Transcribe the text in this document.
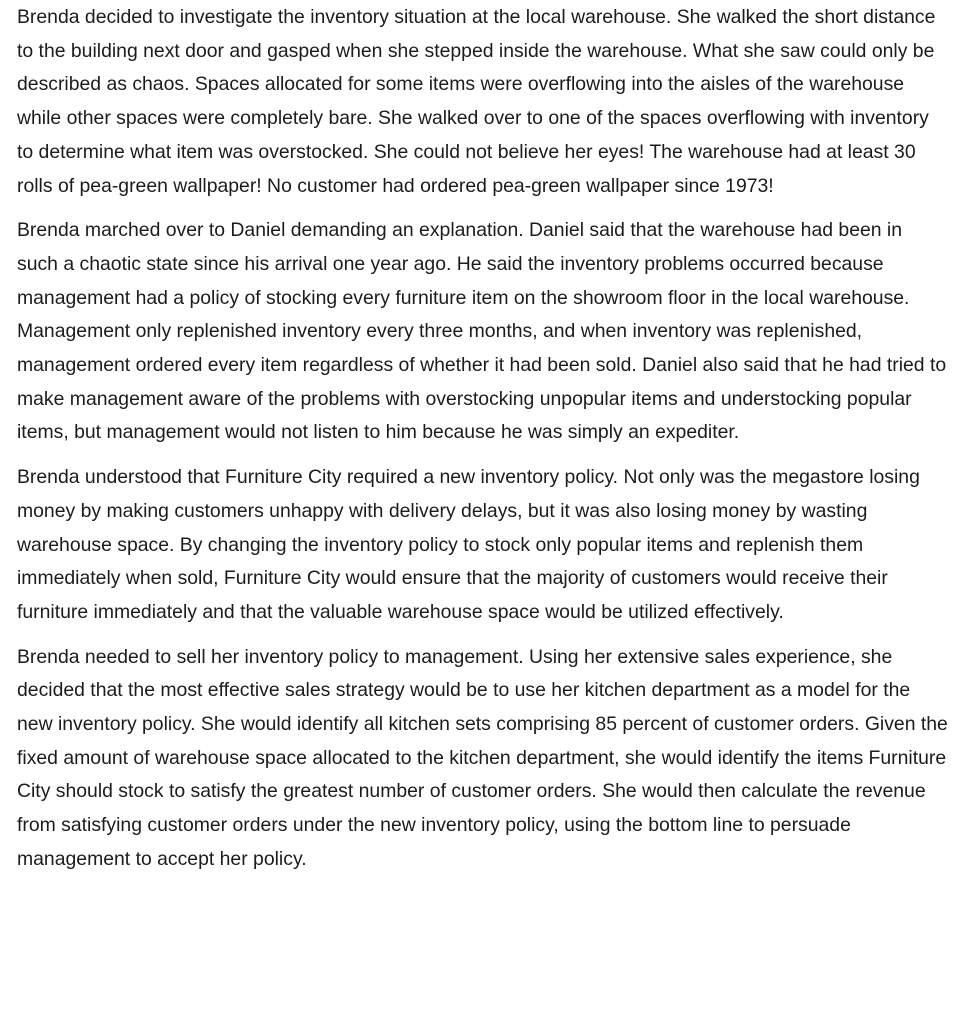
Brenda decided to investigate the inventory situation at the local warehouse. She walked the short distance to the building next door and gasped when she stepped inside the warehouse. What she saw could only be described as chaos. Spaces allocated for some items were overflowing into the aisles of the warehouse while other spaces were completely bare. She walked over to one of the spaces overflowing with inventory to determine what item was overstocked. She could not believe her eyes! The warehouse had at least 30 rolls of pea-green wallpaper! No customer had ordered pea-green wallpaper since 1973!

Brenda marched over to Daniel demanding an explanation. Daniel said that the warehouse had been in such a chaotic state since his arrival one year ago. He said the inventory problems occurred because management had a policy of stocking every furniture item on the showroom floor in the local warehouse. Management only replenished inventory every three months, and when inventory was replenished, management ordered every item regardless of whether it had been sold. Daniel also said that he had tried to make management aware of the problems with overstocking unpopular items and understocking popular items, but management would not listen to him because he was simply an expediter.

Brenda understood that Furniture City required a new inventory policy. Not only was the megastore losing money by making customers unhappy with delivery delays, but it was also losing money by wasting warehouse space. By changing the inventory policy to stock only popular items and replenish them immediately when sold, Furniture City would ensure that the majority of customers would receive their furniture immediately and that the valuable warehouse space would be utilized effectively.

Brenda needed to sell her inventory policy to management. Using her extensive sales experience, she decided that the most effective sales strategy would be to use her kitchen department as a model for the new inventory policy. She would identify all kitchen sets comprising 85 percent of customer orders. Given the fixed amount of warehouse space allocated to the kitchen department, she would identify the items Furniture City should stock to satisfy the greatest number of customer orders. She would then calculate the revenue from satisfying customer orders under the new inventory policy, using the bottom line to persuade management to accept her policy.
